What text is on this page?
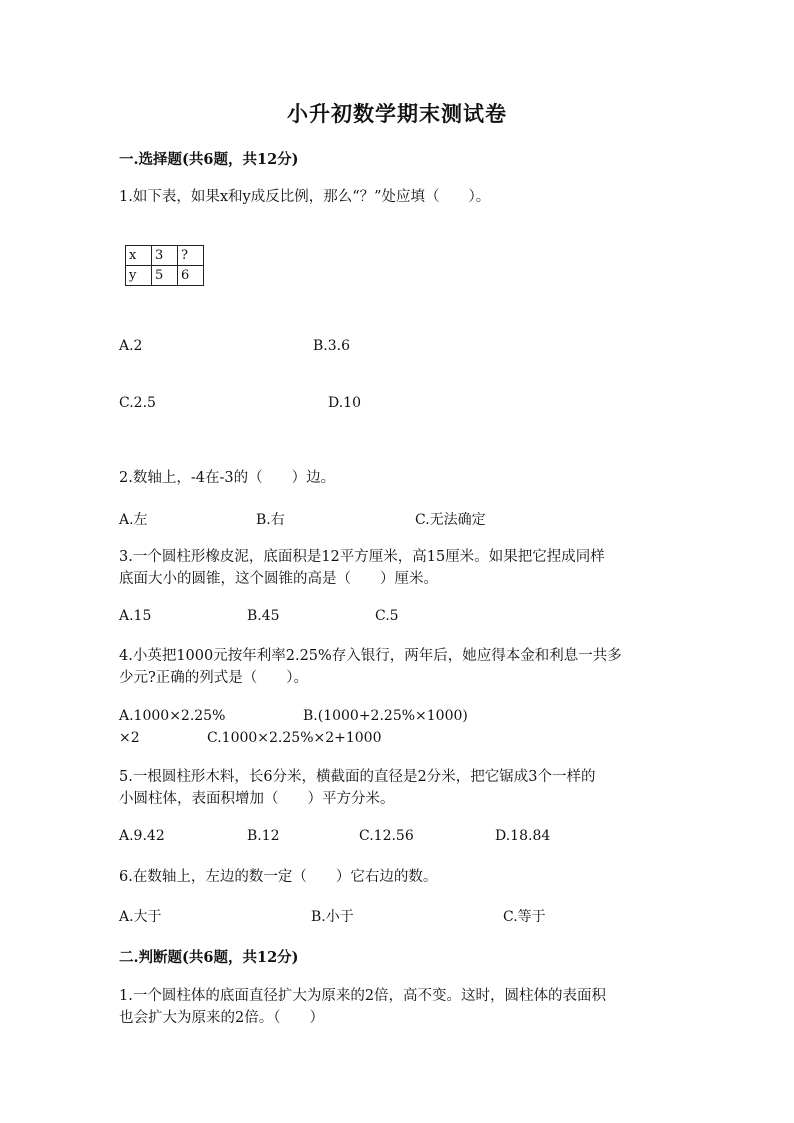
小升初数学期末测试卷
一.选择题(共6题，共12分)
1.如下表，如果x和y成反比例，那么“？”处应填（　　）。
x	3	?
y	5	6
A.2	B.3.6
C.2.5	D.10
2.数轴上，-4在-3的（　　）边。
A.左	B.右	C.无法确定
3.一个圆柱形橡皮泥，底面积是12平方厘米，高15厘米。如果把它捏成同样
底面大小的圆锥，这个圆锥的高是（　　）厘米。
A.15	B.45	C.5
4.小英把1000元按年利率2.25%存入银行，两年后，她应得本金和利息一共多
少元?正确的列式是（　　）。
A.1000×2.25%	B.(1000+2.25%×1000)
×2	C.1000×2.25%×2+1000
5.一根圆柱形木料，长6分米，横截面的直径是2分米，把它锯成3个一样的
小圆柱体，表面积增加（　　）平方分米。
A.9.42	B.12	C.12.56	D.18.84
6.在数轴上，左边的数一定（　　）它右边的数。
A.大于	B.小于	C.等于
二.判断题(共6题，共12分)
1.一个圆柱体的底面直径扩大为原来的2倍，高不变。这时，圆柱体的表面积
也会扩大为原来的2倍。（　　）
